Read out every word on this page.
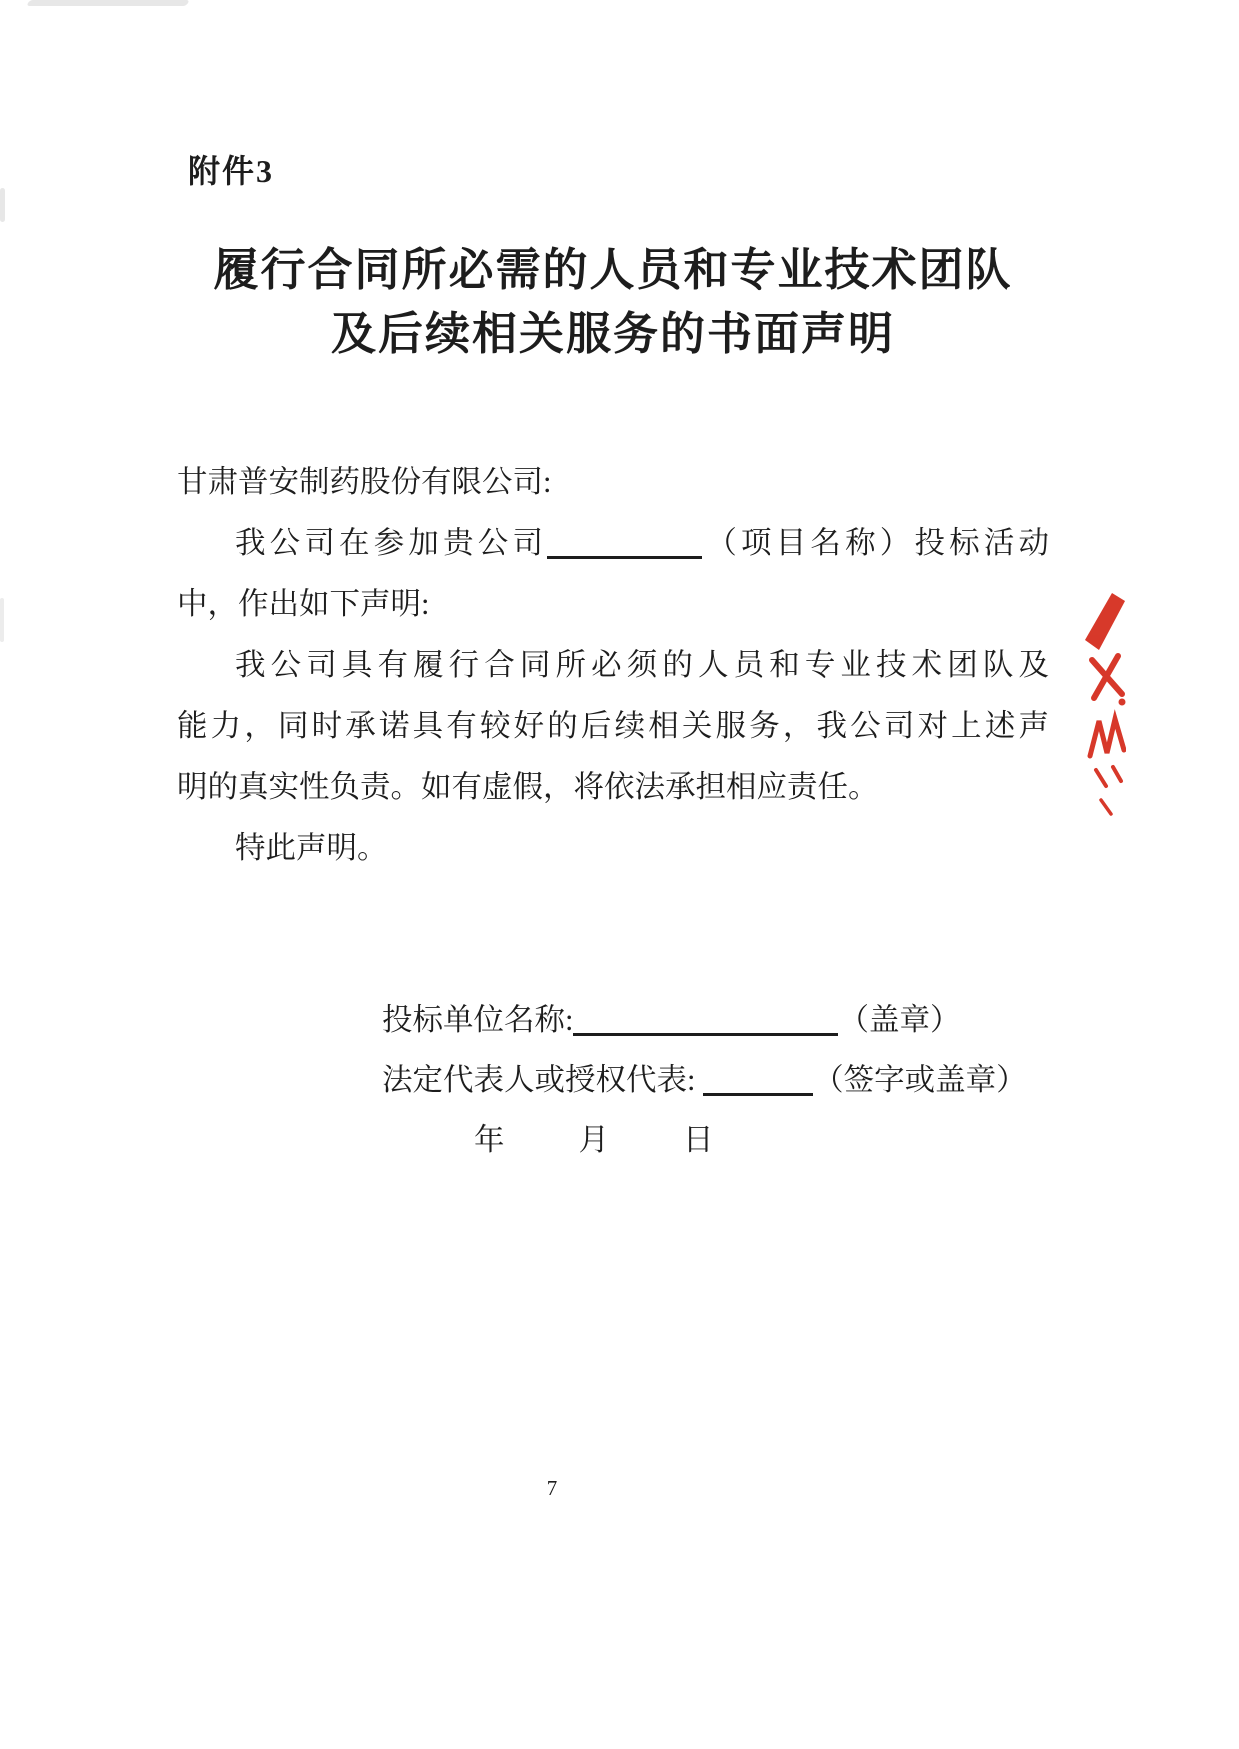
附件3
履行合同所必需的人员和专业技术团队
及后续相关服务的书面声明
甘肃普安制药股份有限公司:
我公司在参加贵公司	（项目名称）投标活动
中，作出如下声明:
我公司具有履行合同所必须的人员和专业技术团队及
能力，同时承诺具有较好的后续相关服务，我公司对上述声
明的真实性负责。如有虚假，将依法承担相应责任。
特此声明。
投标单位名称:	（盖章）
法定代表人或授权代表:	（签字或盖章）
年 月 日
7
